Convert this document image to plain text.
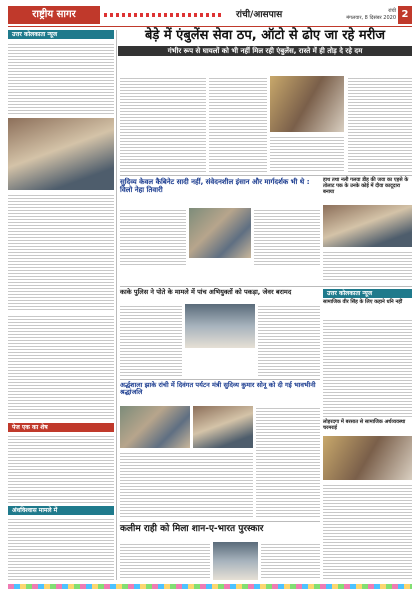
राष्ट्रीय सागर	रांची/आसपास	रांची
मंगलवार, 8 दिसंबर 2020 2
उत्तर कोलकाता न्यूज
पेज एक का शेष
अंधविश्वास मामले में
बेड़े में एंबुलेंस सेवा ठप, ऑटो से ढोए जा रहे मरीज
गंभीर रूप से घायलों को भी नहीं मिल रही एंबुलेंस, रास्ते में ही तोड़ दे रहे दम
सुदिव्य केवल कैबिनेट सादी नहीं, संवेदनशील इंसान और मार्गदर्शक भी थे : विलो नेहा तिवारी
हाथ तथा नली गलवा डीह की जवा का एहसे के तोलाट पक के उनके कोई में दीवा कादूदारा बनाया
काके पुलिस ने पोते के मामले में पांच अभियुक्तों को पकड़ा, जेवर बरामद	उत्तर कोलकाता न्यूज
सामाजिक वीर सिंह के लिए कहाने धनि नहीं
लोहरदगा में बरसात से सामाजिक अर्थव्यवस्था चरमराई
अर्द्धशाला झाके रांची में दिवंगत पर्यटन मंत्री सुदिव्य कुमार सोनू को दी गई भावभीनी श्रद्धांजलि
कलीम राही को मिला शान-ए-भारत पुरस्कार
